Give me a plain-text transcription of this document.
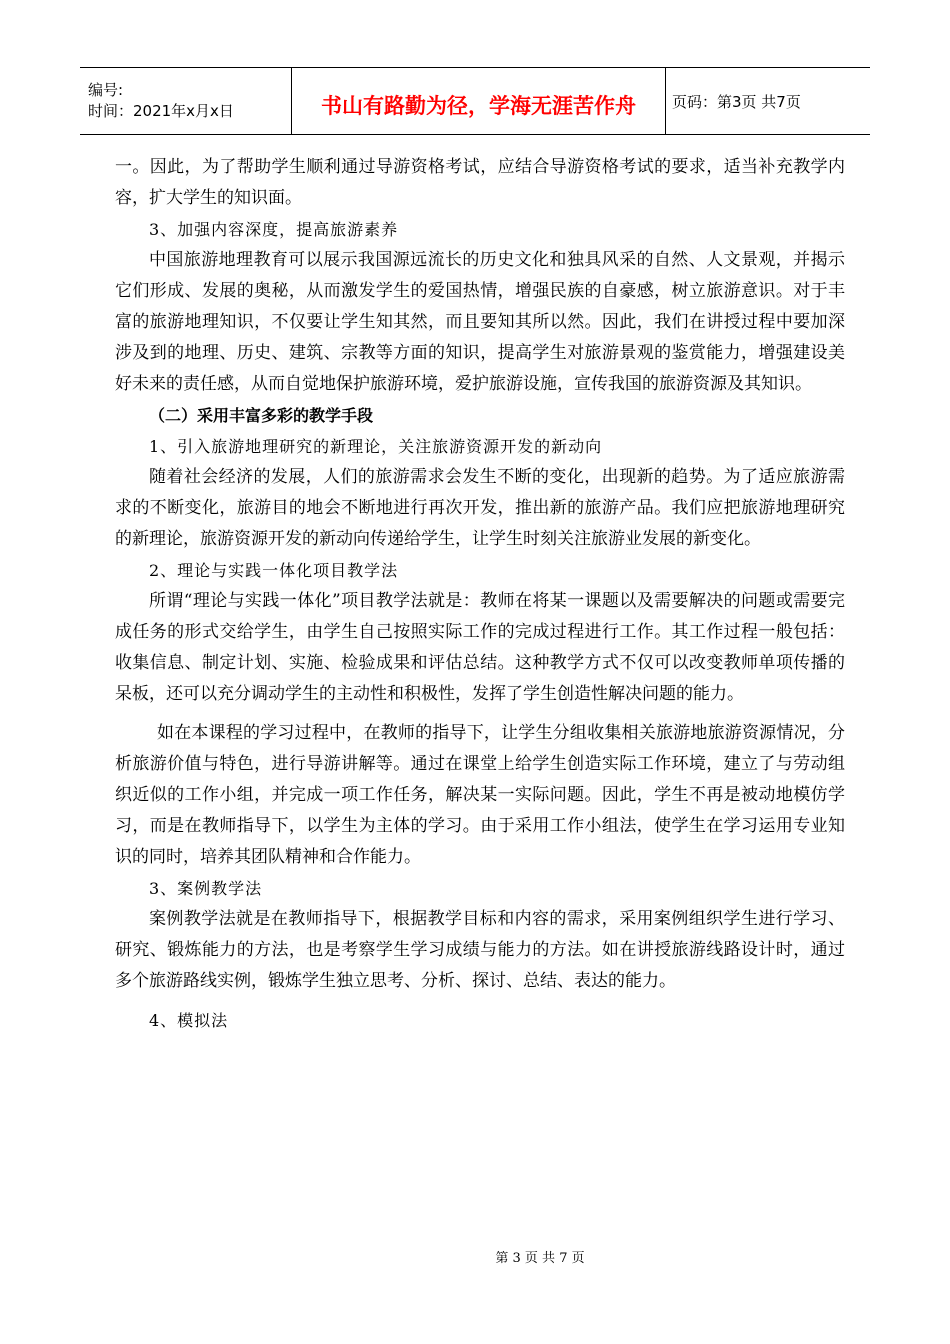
编号:
时间：2021年x月x日	书山有路勤为径，学海无涯苦作舟	页码：第3页 共7页

一。因此，为了帮助学生顺利通过导游资格考试，应结合导游资格考试的要求，适当补充教学内容，扩大学生的知识面。

3、加强内容深度，提高旅游素养

中国旅游地理教育可以展示我国源远流长的历史文化和独具风采的自然、人文景观，并揭示它们形成、发展的奥秘，从而激发学生的爱国热情，增强民族的自豪感，树立旅游意识。对于丰富的旅游地理知识，不仅要让学生知其然，而且要知其所以然。因此，我们在讲授过程中要加深涉及到的地理、历史、建筑、宗教等方面的知识，提高学生对旅游景观的鉴赏能力，增强建设美好未来的责任感，从而自觉地保护旅游环境，爱护旅游设施，宣传我国的旅游资源及其知识。

（二）采用丰富多彩的教学手段

1、引入旅游地理研究的新理论，关注旅游资源开发的新动向

随着社会经济的发展，人们的旅游需求会发生不断的变化，出现新的趋势。为了适应旅游需求的不断变化，旅游目的地会不断地进行再次开发，推出新的旅游产品。我们应把旅游地理研究的新理论，旅游资源开发的新动向传递给学生，让学生时刻关注旅游业发展的新变化。

2、理论与实践一体化项目教学法

所谓“理论与实践一体化”项目教学法就是：教师在将某一课题以及需要解决的问题或需要完成任务的形式交给学生，由学生自己按照实际工作的完成过程进行工作。其工作过程一般包括：收集信息、制定计划、实施、检验成果和评估总结。这种教学方式不仅可以改变教师单项传播的呆板，还可以充分调动学生的主动性和积极性，发挥了学生创造性解决问题的能力。

如在本课程的学习过程中，在教师的指导下，让学生分组收集相关旅游地旅游资源情况，分析旅游价值与特色，进行导游讲解等。通过在课堂上给学生创造实际工作环境，建立了与劳动组织近似的工作小组，并完成一项工作任务，解决某一实际问题。因此，学生不再是被动地模仿学习，而是在教师指导下，以学生为主体的学习。由于采用工作小组法，使学生在学习运用专业知识的同时，培养其团队精神和合作能力。

3、案例教学法

案例教学法就是在教师指导下，根据教学目标和内容的需求，采用案例组织学生进行学习、研究、锻炼能力的方法，也是考察学生学习成绩与能力的方法。如在讲授旅游线路设计时，通过多个旅游路线实例，锻炼学生独立思考、分析、探讨、总结、表达的能力。

4、模拟法

第 3 页 共 7 页
